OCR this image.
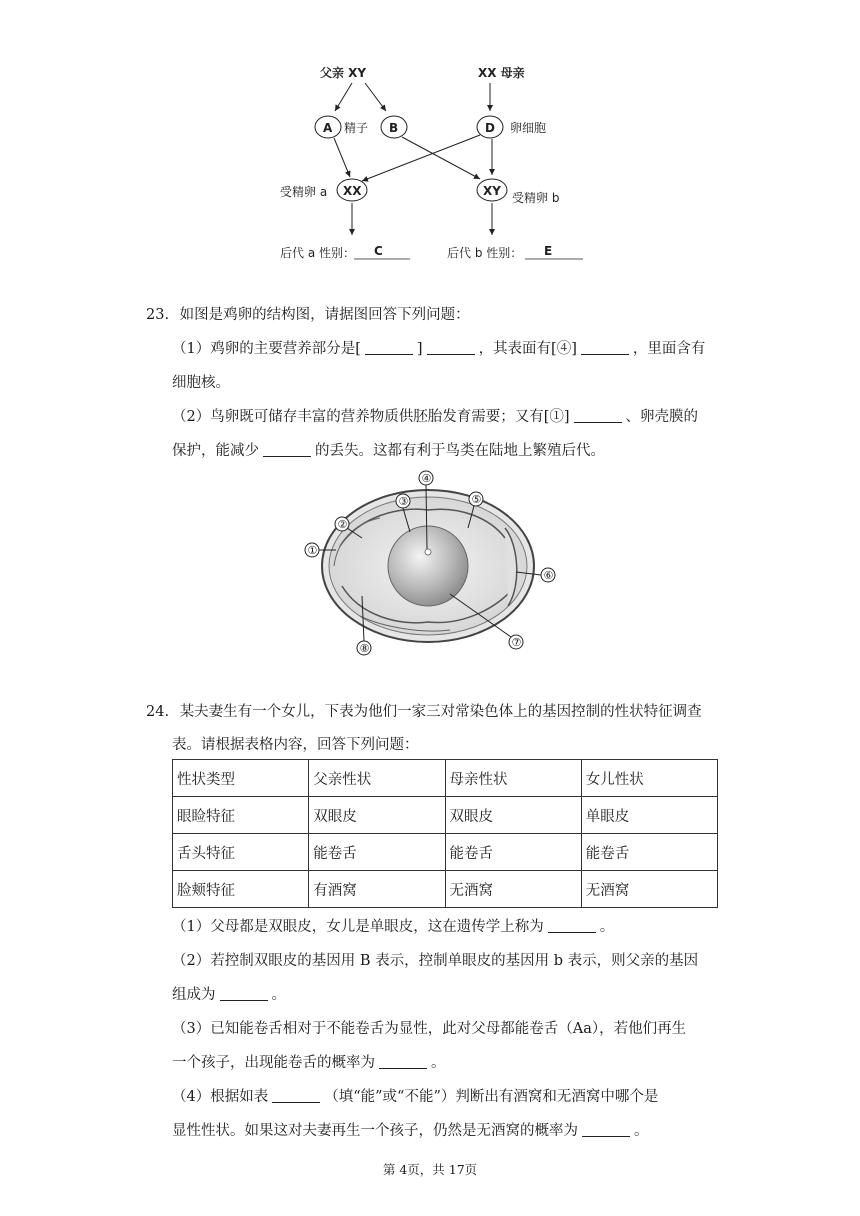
父亲 XY	XX 母亲
A 精子 B	D 卵细胞
受精卵 a XX	XY 受精卵 b
后代 a 性别： C	后代 b 性别： E
23. 如图是鸡卵的结构图，请据图回答下列问题：
（1）鸡卵的主要营养部分是[	]	，其表面有[④]	，里面含有
细胞核。
（2）鸟卵既可储存丰富的营养物质供胚胎发育需要；又有[①]	、卵壳膜的
保护，能减少	的丢失。这都有利于鸟类在陆地上繁殖后代。
①
②
③
④
⑤
⑥
⑦
⑧
24. 某夫妻生有一个女儿，下表为他们一家三对常染色体上的基因控制的性状特征调查
表。请根据表格内容，回答下列问题：
性状类型	父亲性状	母亲性状	女儿性状
眼睑特征	双眼皮	双眼皮	单眼皮
舌头特征	能卷舌	能卷舌	能卷舌
脸颊特征	有酒窝	无酒窝	无酒窝
（1）父母都是双眼皮，女儿是单眼皮，这在遗传学上称为	。
（2）若控制双眼皮的基因用 B 表示，控制单眼皮的基因用 b 表示，则父亲的基因
组成为	。
（3）已知能卷舌相对于不能卷舌为显性，此对父母都能卷舌（Aa），若他们再生
一个孩子，出现能卷舌的概率为	。
（4）根据如表	（填“能”或“不能”）判断出有酒窝和无酒窝中哪个是
显性性状。如果这对夫妻再生一个孩子，仍然是无酒窝的概率为	。
第 4页，共 17页
